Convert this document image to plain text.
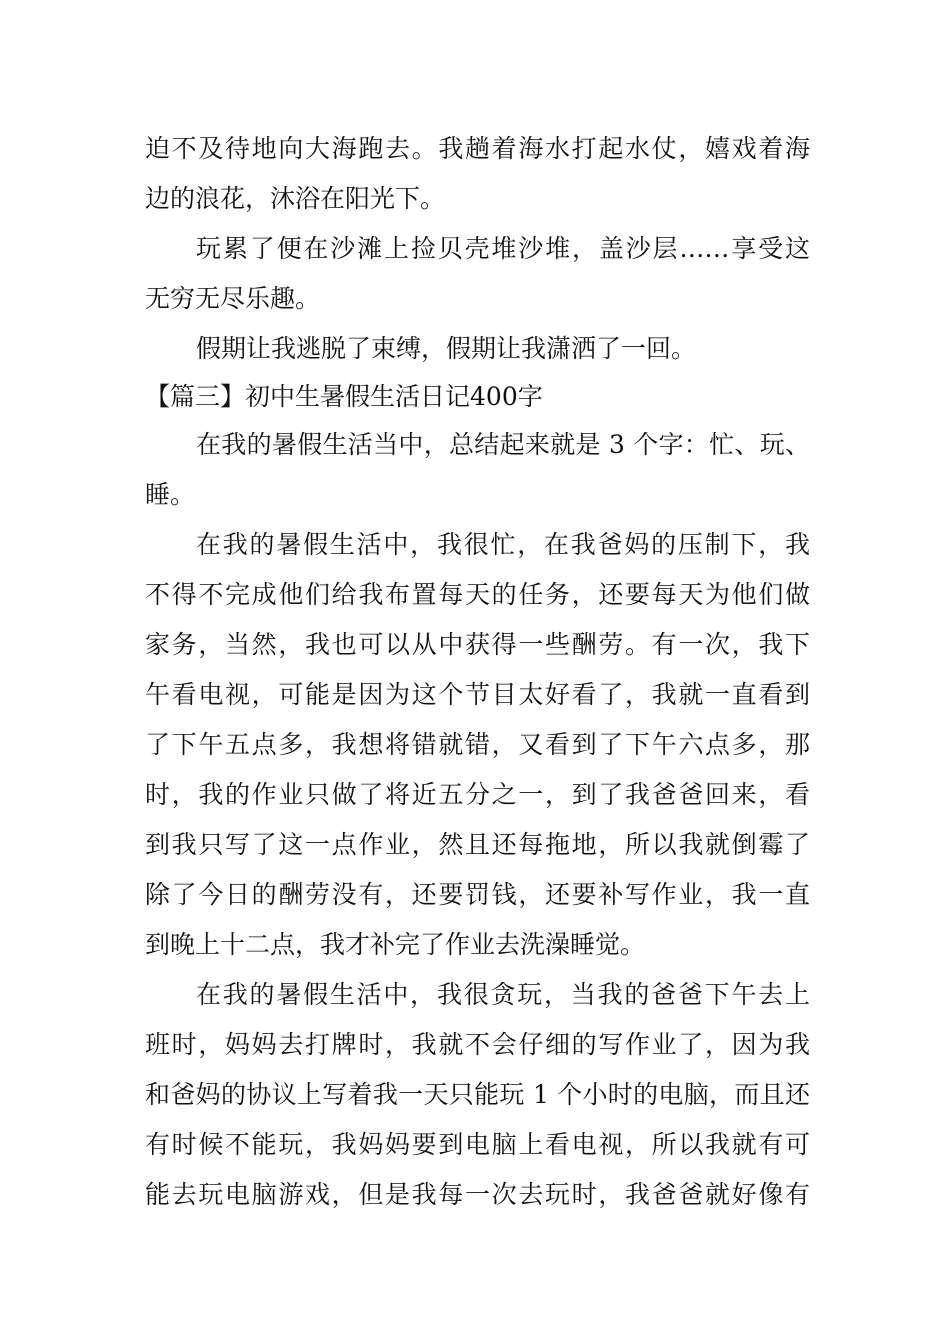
迫不及待地向大海跑去。我趟着海水打起水仗，嬉戏着海
边的浪花，沐浴在阳光下。
玩累了便在沙滩上捡贝壳堆沙堆，盖沙层……享受这
无穷无尽乐趣。
假期让我逃脱了束缚，假期让我潇洒了一回。
【篇三】初中生暑假生活日记400字
在我的暑假生活当中，总结起来就是 3 个字：忙、玩、
睡。
在我的暑假生活中，我很忙，在我爸妈的压制下，我
不得不完成他们给我布置每天的任务，还要每天为他们做
家务，当然，我也可以从中获得一些酬劳。有一次，我下
午看电视，可能是因为这个节目太好看了，我就一直看到
了下午五点多，我想将错就错，又看到了下午六点多，那
时，我的作业只做了将近五分之一，到了我爸爸回来，看
到我只写了这一点作业，然且还每拖地，所以我就倒霉了
除了今日的酬劳没有，还要罚钱，还要补写作业，我一直
到晚上十二点，我才补完了作业去洗澡睡觉。
在我的暑假生活中，我很贪玩，当我的爸爸下午去上
班时，妈妈去打牌时，我就不会仔细的写作业了，因为我
和爸妈的协议上写着我一天只能玩 1 个小时的电脑，而且还
有时候不能玩，我妈妈要到电脑上看电视，所以我就有可
能去玩电脑游戏，但是我每一次去玩时，我爸爸就好像有
